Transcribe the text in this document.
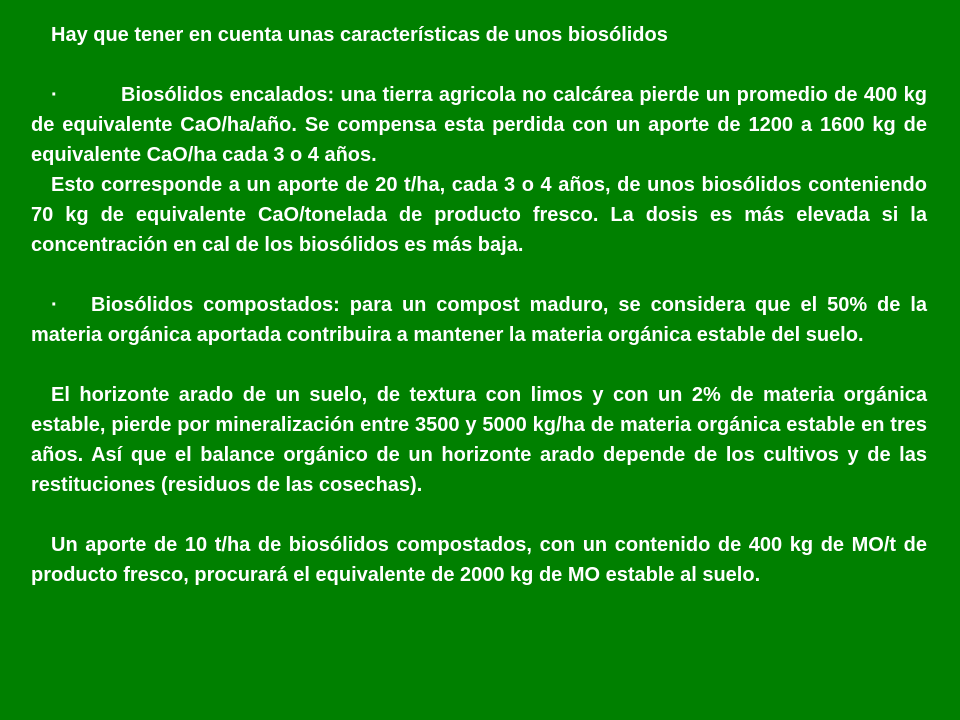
Hay que tener en cuenta unas características de unos biosólidos

·	Biosólidos encalados: una tierra agricola no calcárea pierde un promedio de 400 kg de equivalente CaO/ha/año. Se compensa esta perdida con un aporte de 1200 a 1600 kg de equivalente CaO/ha cada 3 o 4 años.

Esto corresponde a un aporte de 20 t/ha, cada 3 o 4 años, de unos biosólidos conteniendo 70 kg de equivalente CaO/tonelada de producto fresco. La dosis es más elevada si la concentración en cal de los biosólidos es más baja.

· Biosólidos compostados: para un compost maduro, se considera que el 50% de la materia orgánica aportada contribuira a mantener la materia orgánica estable del suelo.

El horizonte arado de un suelo, de textura con limos y con un 2% de materia orgánica estable, pierde por mineralización entre 3500 y 5000 kg/ha de materia orgánica estable en tres años. Así que el balance orgánico de un horizonte arado depende de los cultivos y de las restituciones (residuos de las cosechas).

Un aporte de 10 t/ha de biosólidos compostados, con un contenido de 400 kg de MO/t de producto fresco, procurará el equivalente de 2000 kg de MO estable al suelo.
